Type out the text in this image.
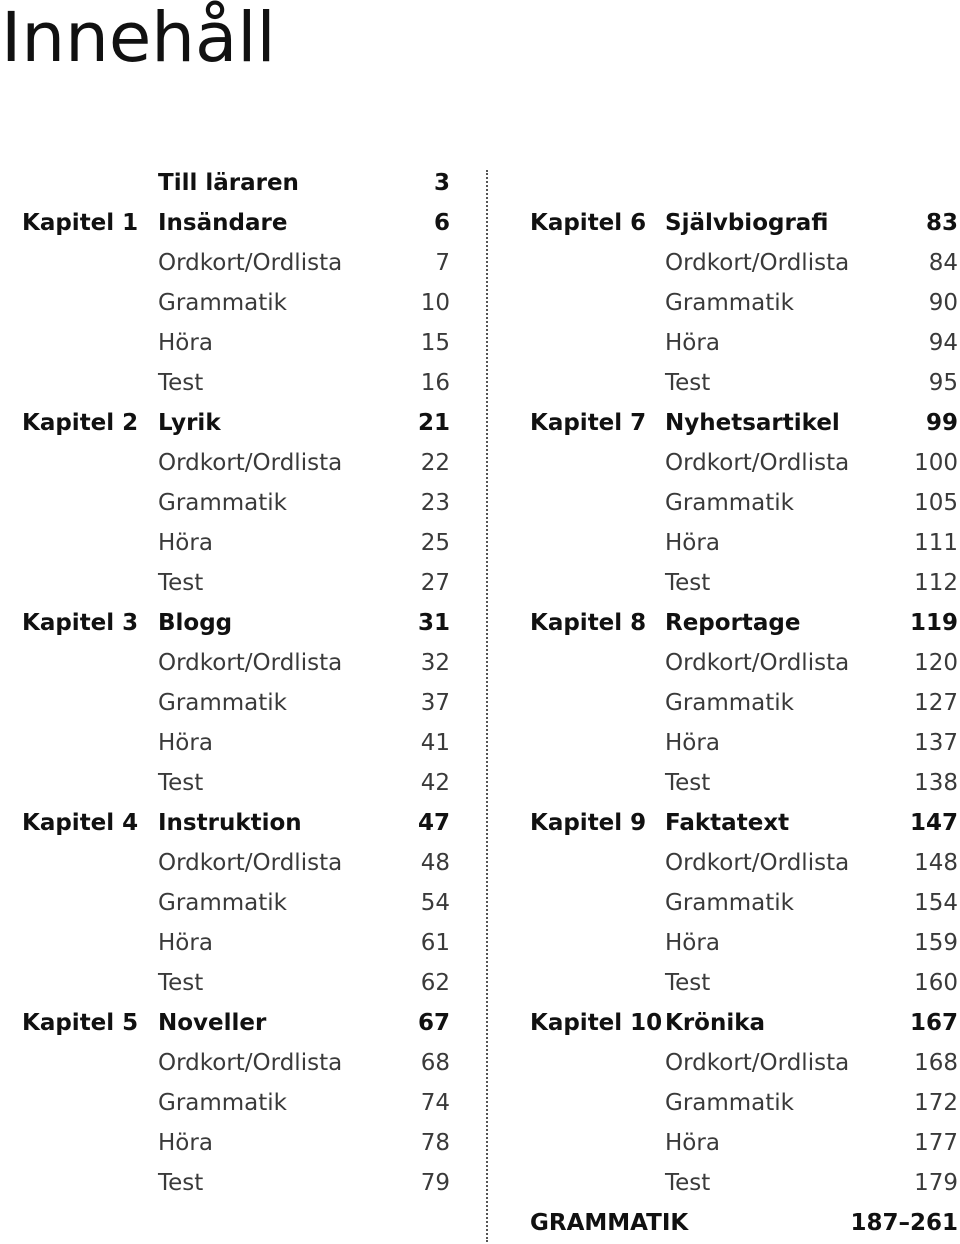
Innehåll
Till läraren	3
Kapitel 1 Insändare	6
Ordkort/Ordlista	7
Grammatik	10
Höra	15
Test	16
Kapitel 2 Lyrik	21
Ordkort/Ordlista	22
Grammatik	23
Höra	25
Test	27
Kapitel 3 Blogg	31
Ordkort/Ordlista	32
Grammatik	37
Höra	41
Test	42
Kapitel 4 Instruktion	47
Ordkort/Ordlista	48
Grammatik	54
Höra	61
Test	62
Kapitel 5 Noveller	67
Ordkort/Ordlista	68
Grammatik	74
Höra	78
Test	79
Kapitel 6 Självbiografi	83
Ordkort/Ordlista	84
Grammatik	90
Höra	94
Test	95
Kapitel 7 Nyhetsartikel	99
Ordkort/Ordlista	100
Grammatik	105
Höra	111
Test	112
Kapitel 8 Reportage	119
Ordkort/Ordlista	120
Grammatik	127
Höra	137
Test	138
Kapitel 9 Faktatext	147
Ordkort/Ordlista	148
Grammatik	154
Höra	159
Test	160
Kapitel 10 Krönika	167
Ordkort/Ordlista	168
Grammatik	172
Höra	177
Test	179
GRAMMATIK	187–261
